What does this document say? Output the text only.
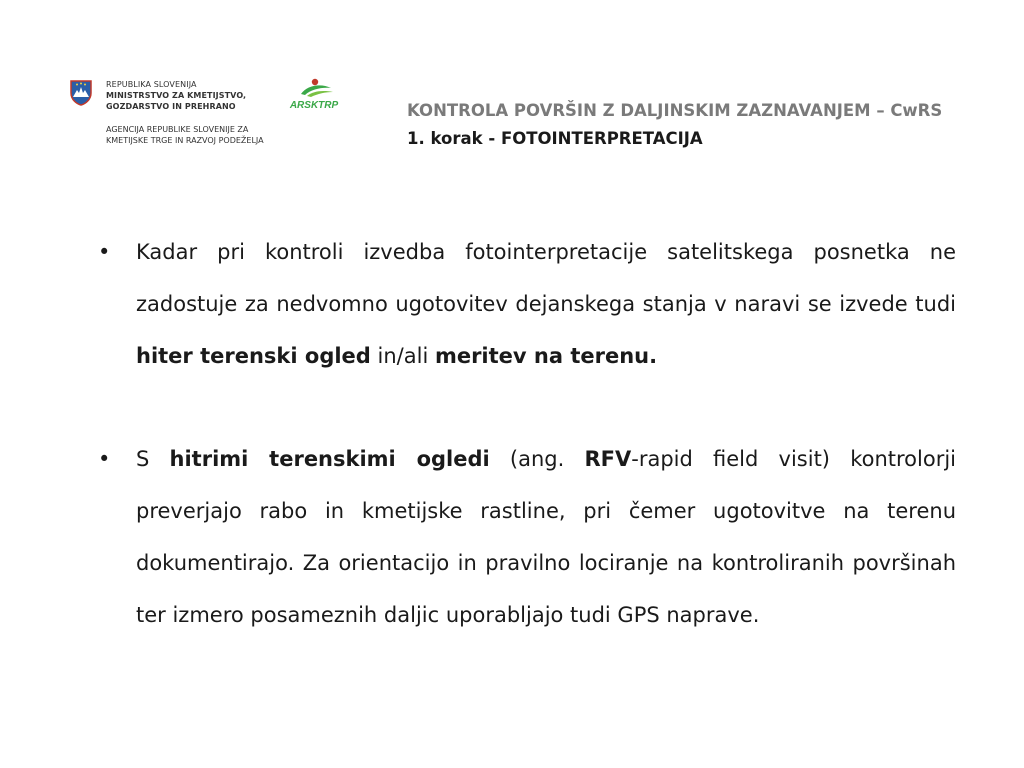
REPUBLIKA SLOVENIJA
MINISTRSTVO ZA KMETIJSTVO,
GOZDARSTVO IN PREHRANO
AGENCIJA REPUBLIKE SLOVENIJE ZA
KMETIJSKE TRGE IN RAZVOJ PODEŽELJA
ARSKTRP	KONTROLA POVRŠIN Z DALJINSKIM ZAZNAVANJEM – CwRS
1. korak - FOTOINTERPRETACIJA
•	Kadar pri kontroli izvedba fotointerpretacije satelitskega posnetka ne zadostuje za nedvomno ugotovitev dejanskega stanja v naravi se izvede tudi hiter terenski ogled in/ali meritev na terenu.
•	S hitrimi terenskimi ogledi (ang. RFV-rapid field visit) kontrolorji preverjajo rabo in kmetijske rastline, pri čemer ugotovitve na terenu dokumentirajo. Za orientacijo in pravilno lociranje na kontroliranih površinah ter izmero posameznih daljic uporabljajo tudi GPS naprave.
